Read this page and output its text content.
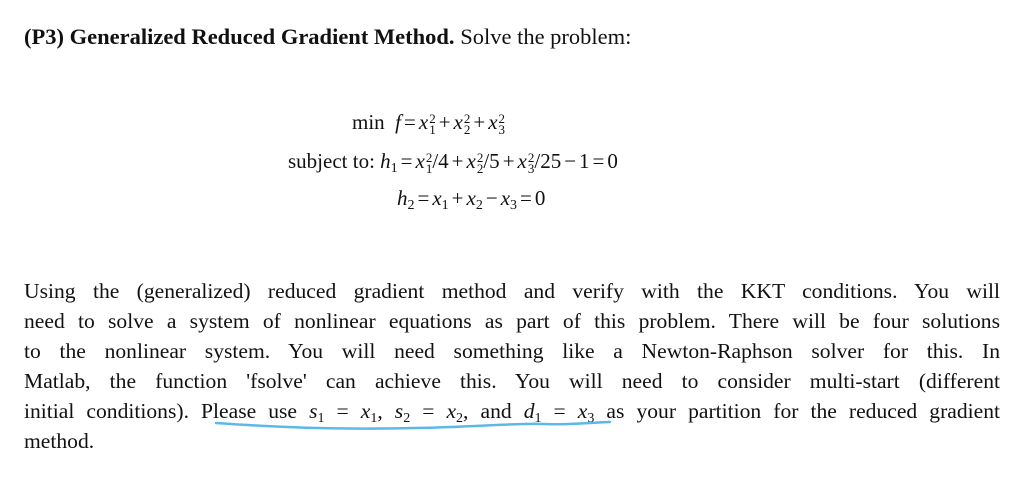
(P3) Generalized Reduced Gradient Method. Solve the problem:
min f = x 2
1 + x 2
2 + x 2
3
subject to: $h_1 = x$ 2
1 /4 + x 2
2 /5 + x 2
3 /25 − 1 = 0
$h_2 = x_1 + x_2 - x_3 = 0$
Using the (generalized) reduced gradient method and verify with the KKT conditions. You will
need to solve a system of nonlinear equations as part of this problem. There will be four solutions
to the nonlinear system. You will need something like a Newton-Raphson solver for this. In
Matlab, the function 'fsolve' can achieve this. You will need to consider multi-start (different
initial conditions). Please use $s_1 = x_1$, $s_2 = x_2$, and $d_1 = x_3$ as your partition for the reduced gradient
method.
